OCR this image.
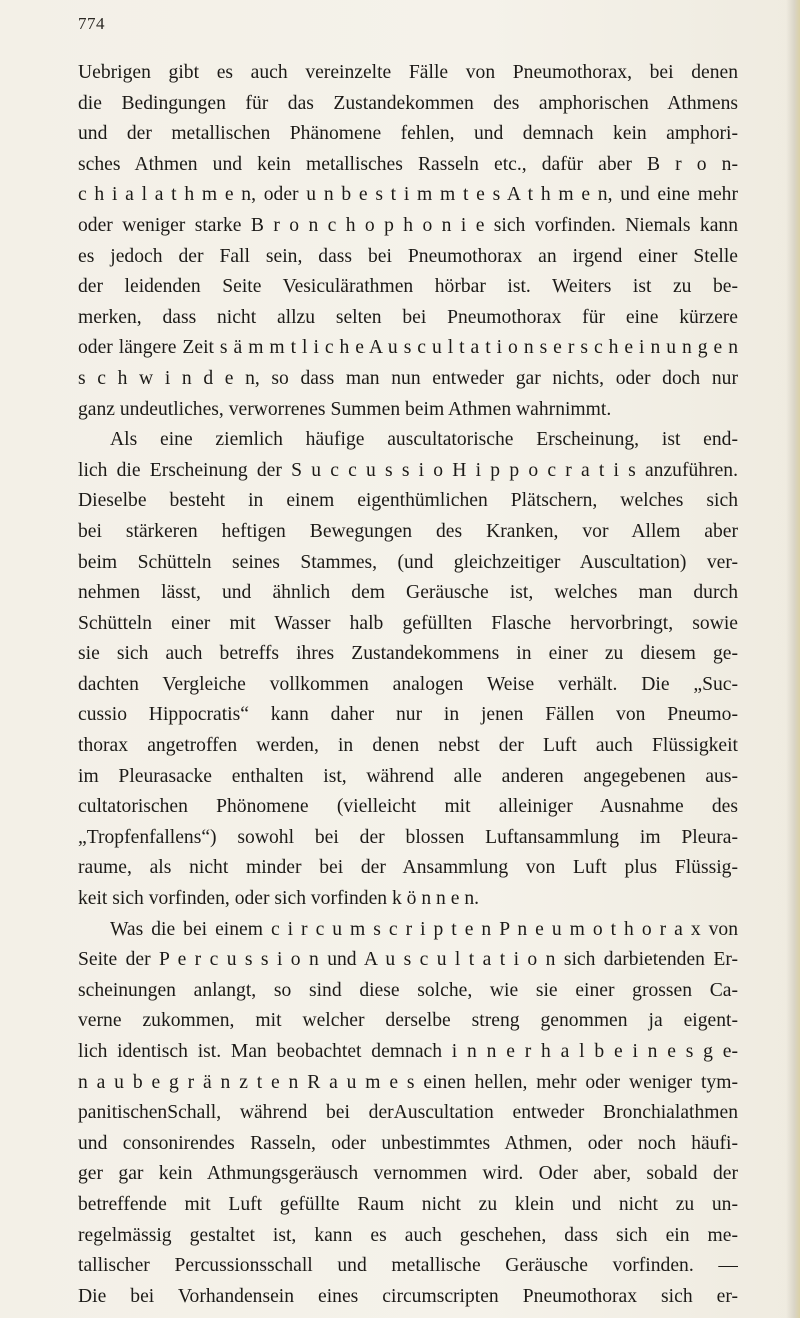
774
Uebrigen gibt es auch vereinzelte Fälle von Pneumothorax, bei denen
die Bedingungen für das Zustandekommen des amphorischen Athmens
und der metallischen Phänomene fehlen, und demnach kein amphori-
sches Athmen und kein metallisches Rasseln etc., dafür aber B r o n-
c h i a l a t h m e n, oder u n b e s t i m m t e s A t h m e n, und eine mehr
oder weniger starke B r o n c h o p h o n i e sich vorfinden. Niemals kann
es jedoch der Fall sein, dass bei Pneumothorax an irgend einer Stelle
der leidenden Seite Vesiculärathmen hörbar ist. Weiters ist zu be-
merken, dass nicht allzu selten bei Pneumothorax für eine kürzere
oder längere Zeit s ä m m t l i c h e A u s c u l t a t i o n s e r s c h e i n u n g e n
s c h w i n d e n, so dass man nun entweder gar nichts, oder doch nur
ganz undeutliches, verworrenes Summen beim Athmen wahrnimmt.
Als eine ziemlich häufige auscultatorische Erscheinung, ist end-
lich die Erscheinung der S u c c u s s i o H i p p o c r a t i s anzuführen.
Dieselbe besteht in einem eigenthümlichen Plätschern, welches sich
bei stärkeren heftigen Bewegungen des Kranken, vor Allem aber
beim Schütteln seines Stammes, (und gleichzeitiger Auscultation) ver-
nehmen lässt, und ähnlich dem Geräusche ist, welches man durch
Schütteln einer mit Wasser halb gefüllten Flasche hervorbringt, sowie
sie sich auch betreffs ihres Zustandekommens in einer zu diesem ge-
dachten Vergleiche vollkommen analogen Weise verhält. Die „Suc-
cussio Hippocratis“ kann daher nur in jenen Fällen von Pneumo-
thorax angetroffen werden, in denen nebst der Luft auch Flüssigkeit
im Pleurasacke enthalten ist, während alle anderen angegebenen aus-
cultatorischen Phönomene (vielleicht mit alleiniger Ausnahme des
„Tropfenfallens“) sowohl bei der blossen Luftansammlung im Pleura-
raume, als nicht minder bei der Ansammlung von Luft plus Flüssig-
keit sich vorfinden, oder sich vorfinden k ö n n e n.
Was die bei einem c i r c u m s c r i p t e n P n e u m o t h o r a x von
Seite der P e r c u s s i o n und A u s c u l t a t i o n sich darbietenden Er-
scheinungen anlangt, so sind diese solche, wie sie einer grossen Ca-
verne zukommen, mit welcher derselbe streng genommen ja eigent-
lich identisch ist. Man beobachtet demnach i n n e r h a l b e i n e s g e-
n a u b e g r ä n z t e n R a u m e s einen hellen, mehr oder weniger tym-
panitischenSchall, während bei derAuscultation entweder Bronchialathmen
und consonirendes Rasseln, oder unbestimmtes Athmen, oder noch häufi-
ger gar kein Athmungsgeräusch vernommen wird. Oder aber, sobald der
betreffende mit Luft gefüllte Raum nicht zu klein und nicht zu un-
regelmässig gestaltet ist, kann es auch geschehen, dass sich ein me-
tallischer Percussionsschall und metallische Geräusche vorfinden. —
Die bei Vorhandensein eines circumscripten Pneumothorax sich er-
